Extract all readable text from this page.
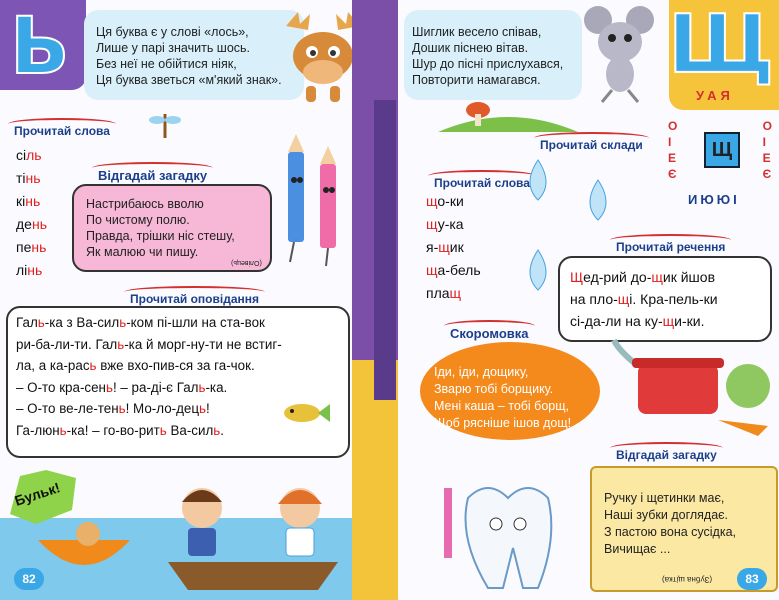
Ь Ця буква є у слові «лось»,
Лише у парі значить шось.
Без неї не обійтися ніяк,
Ця буква зветься «м'який знак».
Прочитай слова
сіль
тінь
кінь
день
пень
лінь
Відгадай загадку
Настрибаюсь вволю
По чистому полю.
Правда, трішки ніс стешу,
Як малюю чи пишу.
(Олівець)
Прочитай оповідання
Галь-ка з Ва-силь-ком пі-шли на ста-вок
ри-ба-ли-ти. Галь-ка й морг-ну-ти не встиг-
ла, а ка-рась вже вхо-пив-ся за га-чок.
– О-то кра-сень! – ра-ді-є Галь-ка.
– О-то ве-ле-тень! Мо-ло-дець!
Га-люнь-ка! – го-во-рить Ва-силь.
Бульк!
82
Щ
Шиглик весело співав,
Дошик піснею вітав.
Шур до пісні прислухався,
Повторити намагався.
Прочитай склади
УАЯ
О
І
Е
Є
О
І
Е
Є
Щ
ИЮЮІ
Прочитай слова
що-ки
щу-ка
я-щик
ща-бель
плащ
Прочитай речення
Щед-рий до-щик йшов
на пло-щі. Кра-пель-ки
сі-да-ли на ку-щи-ки.
Скоромовка
Іди, іди, дощику,
Зварю тобі борщику.
Мені каша – тобі борщ,
Щоб рясніше ішов дощ!
Відгадай загадку
Ручку і щетинки має,
Наші зубки доглядає.
З пастою вона сусідка,
Вичищає ...
(Зубна щітка)	83
